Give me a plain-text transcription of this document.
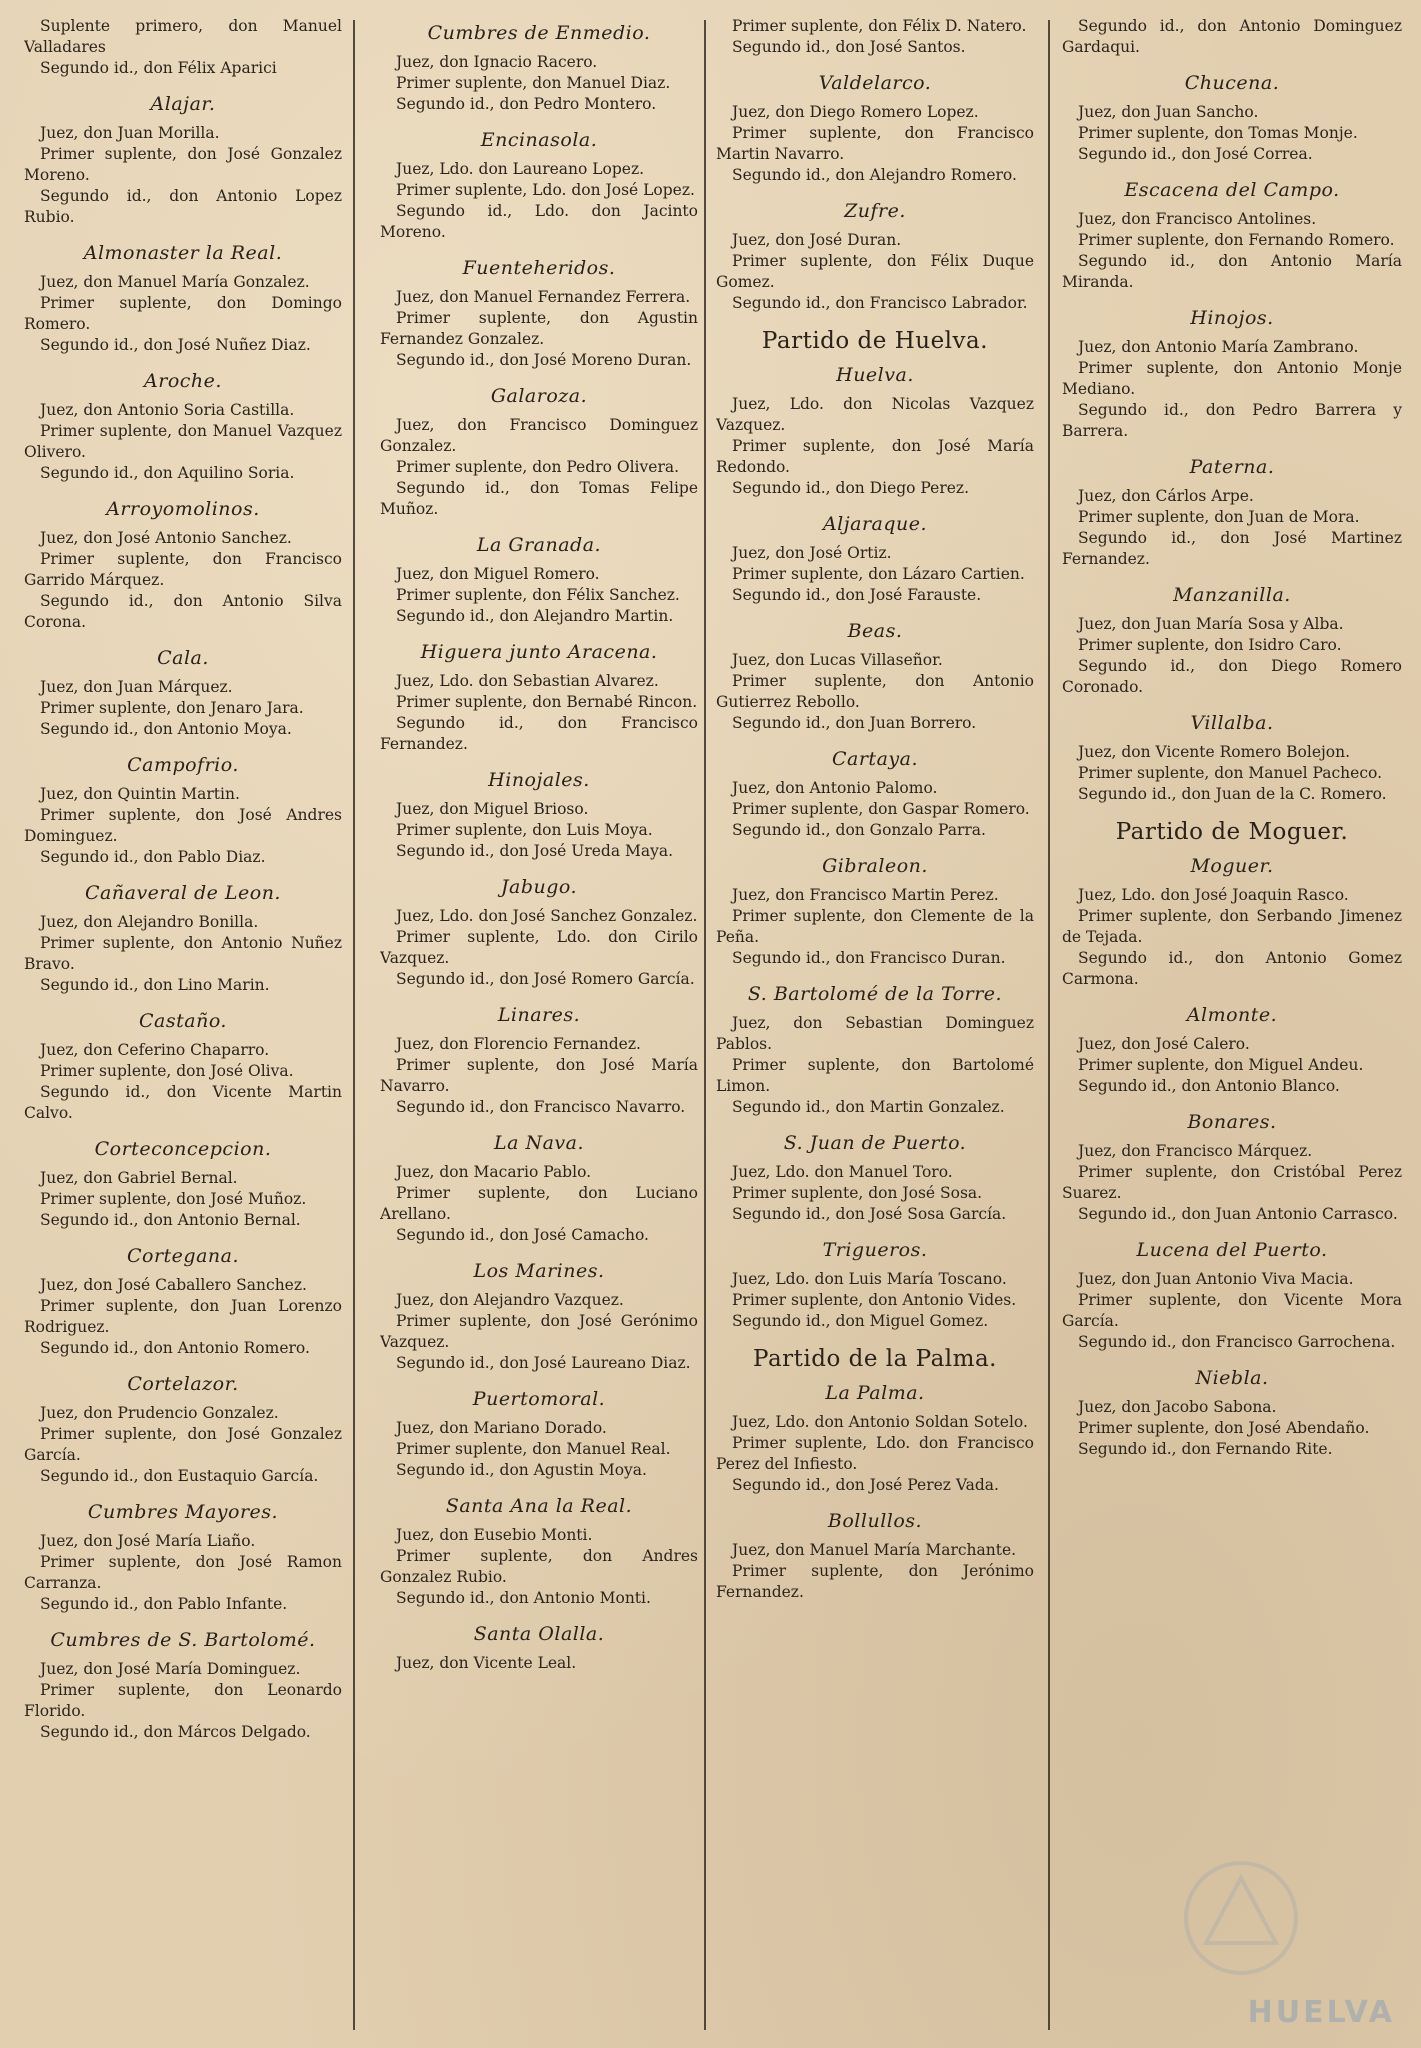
Suplente primero, don Manuel Valladares

Segundo id., don Félix Aparici

Alajar.

Juez, don Juan Morilla.

Primer suplente, don José Gonzalez Moreno.

Segundo id., don Antonio Lopez Rubio.

Almonaster la Real.

Juez, don Manuel María Gonzalez.

Primer suplente, don Domingo Romero.

Segundo id., don José Nuñez Diaz.

Aroche.

Juez, don Antonio Soria Castilla.

Primer suplente, don Manuel Vazquez Olivero.

Segundo id., don Aquilino Soria.

Arroyomolinos.

Juez, don José Antonio Sanchez.

Primer suplente, don Francisco Garrido Márquez.

Segundo id., don Antonio Silva Corona.

Cala.

Juez, don Juan Márquez.

Primer suplente, don Jenaro Jara.

Segundo id., don Antonio Moya.

Campofrio.

Juez, don Quintin Martin.

Primer suplente, don José Andres Dominguez.

Segundo id., don Pablo Diaz.

Cañaveral de Leon.

Juez, don Alejandro Bonilla.

Primer suplente, don Antonio Nuñez Bravo.

Segundo id., don Lino Marin.

Castaño.

Juez, don Ceferino Chaparro.

Primer suplente, don José Oliva.

Segundo id., don Vicente Martin Calvo.

Corteconcepcion.

Juez, don Gabriel Bernal.

Primer suplente, don José Muñoz.

Segundo id., don Antonio Bernal.

Cortegana.

Juez, don José Caballero Sanchez.

Primer suplente, don Juan Lorenzo Rodriguez.

Segundo id., don Antonio Romero.

Cortelazor.

Juez, don Prudencio Gonzalez.

Primer suplente, don José Gonzalez García.

Segundo id., don Eustaquio García.

Cumbres Mayores.

Juez, don José María Liaño.

Primer suplente, don José Ramon Carranza.

Segundo id., don Pablo Infante.

Cumbres de S. Bartolomé.

Juez, don José María Dominguez.

Primer suplente, don Leonardo Florido.

Segundo id., don Márcos Delgado.

Cumbres de Enmedio.

Juez, don Ignacio Racero.

Primer suplente, don Manuel Diaz.

Segundo id., don Pedro Montero.

Encinasola.

Juez, Ldo. don Laureano Lopez.

Primer suplente, Ldo. don José Lopez.

Segundo id., Ldo. don Jacinto Moreno.

Fuenteheridos.

Juez, don Manuel Fernandez Ferrera.

Primer suplente, don Agustin Fernandez Gonzalez.

Segundo id., don José Moreno Duran.

Galaroza.

Juez, don Francisco Dominguez Gonzalez.

Primer suplente, don Pedro Olivera.

Segundo id., don Tomas Felipe Muñoz.

La Granada.

Juez, don Miguel Romero.

Primer suplente, don Félix Sanchez.

Segundo id., don Alejandro Martin.

Higuera junto Aracena.

Juez, Ldo. don Sebastian Alvarez.

Primer suplente, don Bernabé Rincon.

Segundo id., don Francisco Fernandez.

Hinojales.

Juez, don Miguel Brioso.

Primer suplente, don Luis Moya.

Segundo id., don José Ureda Maya.

Jabugo.

Juez, Ldo. don José Sanchez Gonzalez.

Primer suplente, Ldo. don Cirilo Vazquez.

Segundo id., don José Romero García.

Linares.

Juez, don Florencio Fernandez.

Primer suplente, don José María Navarro.

Segundo id., don Francisco Navarro.

La Nava.

Juez, don Macario Pablo.

Primer suplente, don Luciano Arellano.

Segundo id., don José Camacho.

Los Marines.

Juez, don Alejandro Vazquez.

Primer suplente, don José Gerónimo Vazquez.

Segundo id., don José Laureano Diaz.

Puertomoral.

Juez, don Mariano Dorado.

Primer suplente, don Manuel Real.

Segundo id., don Agustin Moya.

Santa Ana la Real.

Juez, don Eusebio Monti.

Primer suplente, don Andres Gonzalez Rubio.

Segundo id., don Antonio Monti.

Santa Olalla.

Juez, don Vicente Leal.

Primer suplente, don Félix D. Natero.

Segundo id., don José Santos.

Valdelarco.

Juez, don Diego Romero Lopez.

Primer suplente, don Francisco Martin Navarro.

Segundo id., don Alejandro Romero.

Zufre.

Juez, don José Duran.

Primer suplente, don Félix Duque Gomez.

Segundo id., don Francisco Labrador.

Partido de Huelva.
Huelva.

Juez, Ldo. don Nicolas Vazquez Vazquez.

Primer suplente, don José María Redondo.

Segundo id., don Diego Perez.

Aljaraque.

Juez, don José Ortiz.

Primer suplente, don Lázaro Cartien.

Segundo id., don José Farauste.

Beas.

Juez, don Lucas Villaseñor.

Primer suplente, don Antonio Gutierrez Rebollo.

Segundo id., don Juan Borrero.

Cartaya.

Juez, don Antonio Palomo.

Primer suplente, don Gaspar Romero.

Segundo id., don Gonzalo Parra.

Gibraleon.

Juez, don Francisco Martin Perez.

Primer suplente, don Clemente de la Peña.

Segundo id., don Francisco Duran.

S. Bartolomé de la Torre.

Juez, don Sebastian Dominguez Pablos.

Primer suplente, don Bartolomé Limon.

Segundo id., don Martin Gonzalez.

S. Juan de Puerto.

Juez, Ldo. don Manuel Toro.

Primer suplente, don José Sosa.

Segundo id., don José Sosa García.

Trigueros.

Juez, Ldo. don Luis María Toscano.

Primer suplente, don Antonio Vides.

Segundo id., don Miguel Gomez.

Partido de la Palma.
La Palma.

Juez, Ldo. don Antonio Soldan Sotelo.

Primer suplente, Ldo. don Francisco Perez del Infiesto.

Segundo id., don José Perez Vada.

Bollullos.

Juez, don Manuel María Marchante.

Primer suplente, don Jerónimo Fernandez.

Segundo id., don Antonio Dominguez Gardaqui.

Chucena.

Juez, don Juan Sancho.

Primer suplente, don Tomas Monje.

Segundo id., don José Correa.

Escacena del Campo.

Juez, don Francisco Antolines.

Primer suplente, don Fernando Romero.

Segundo id., don Antonio María Miranda.

Hinojos.

Juez, don Antonio María Zambrano.

Primer suplente, don Antonio Monje Mediano.

Segundo id., don Pedro Barrera y Barrera.

Paterna.

Juez, don Cárlos Arpe.

Primer suplente, don Juan de Mora.

Segundo id., don José Martinez Fernandez.

Manzanilla.

Juez, don Juan María Sosa y Alba.

Primer suplente, don Isidro Caro.

Segundo id., don Diego Romero Coronado.

Villalba.

Juez, don Vicente Romero Bolejon.

Primer suplente, don Manuel Pacheco.

Segundo id., don Juan de la C. Romero.

Partido de Moguer.
Moguer.

Juez, Ldo. don José Joaquin Rasco.

Primer suplente, don Serbando Jimenez de Tejada.

Segundo id., don Antonio Gomez Carmona.

Almonte.

Juez, don José Calero.

Primer suplente, don Miguel Andeu.

Segundo id., don Antonio Blanco.

Bonares.

Juez, don Francisco Márquez.

Primer suplente, don Cristóbal Perez Suarez.

Segundo id., don Juan Antonio Carrasco.

Lucena del Puerto.

Juez, don Juan Antonio Viva Macia.

Primer suplente, don Vicente Mora García.

Segundo id., don Francisco Garrochena.

Niebla.

Juez, don Jacobo Sabona.

Primer suplente, don José Abendaño.

Segundo id., don Fernando Rite.

HUELVA
